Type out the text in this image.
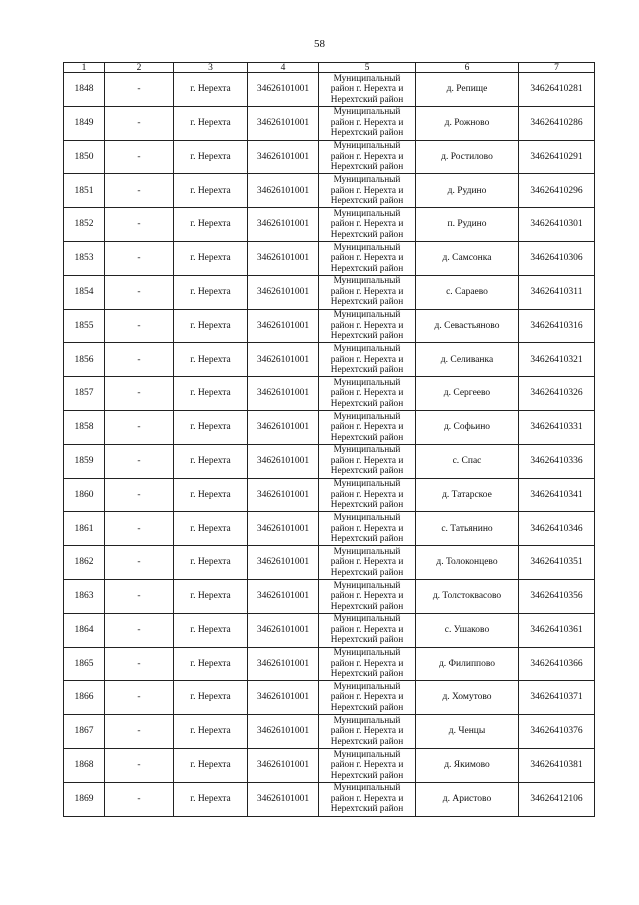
58
1	2	3	4	5	6	7
1848	-	г. Нерехта	34626101001	Муниципальный
район г. Нерехта и
Нерехтский район	д. Репище	34626410281
1849	-	г. Нерехта	34626101001	Муниципальный
район г. Нерехта и
Нерехтский район	д. Рожново	34626410286
1850	-	г. Нерехта	34626101001	Муниципальный
район г. Нерехта и
Нерехтский район	д. Ростилово	34626410291
1851	-	г. Нерехта	34626101001	Муниципальный
район г. Нерехта и
Нерехтский район	д. Рудино	34626410296
1852	-	г. Нерехта	34626101001	Муниципальный
район г. Нерехта и
Нерехтский район	п. Рудино	34626410301
1853	-	г. Нерехта	34626101001	Муниципальный
район г. Нерехта и
Нерехтский район	д. Самсонка	34626410306
1854	-	г. Нерехта	34626101001	Муниципальный
район г. Нерехта и
Нерехтский район	с. Сараево	34626410311
1855	-	г. Нерехта	34626101001	Муниципальный
район г. Нерехта и
Нерехтский район	д. Севастьяново	34626410316
1856	-	г. Нерехта	34626101001	Муниципальный
район г. Нерехта и
Нерехтский район	д. Селиванка	34626410321
1857	-	г. Нерехта	34626101001	Муниципальный
район г. Нерехта и
Нерехтский район	д. Сергеево	34626410326
1858	-	г. Нерехта	34626101001	Муниципальный
район г. Нерехта и
Нерехтский район	д. Софьино	34626410331
1859	-	г. Нерехта	34626101001	Муниципальный
район г. Нерехта и
Нерехтский район	с. Спас	34626410336
1860	-	г. Нерехта	34626101001	Муниципальный
район г. Нерехта и
Нерехтский район	д. Татарское	34626410341
1861	-	г. Нерехта	34626101001	Муниципальный
район г. Нерехта и
Нерехтский район	с. Татьянино	34626410346
1862	-	г. Нерехта	34626101001	Муниципальный
район г. Нерехта и
Нерехтский район	д. Толоконцево	34626410351
1863	-	г. Нерехта	34626101001	Муниципальный
район г. Нерехта и
Нерехтский район	д. Толстоквасово	34626410356
1864	-	г. Нерехта	34626101001	Муниципальный
район г. Нерехта и
Нерехтский район	с. Ушаково	34626410361
1865	-	г. Нерехта	34626101001	Муниципальный
район г. Нерехта и
Нерехтский район	д. Филиппово	34626410366
1866	-	г. Нерехта	34626101001	Муниципальный
район г. Нерехта и
Нерехтский район	д. Хомутово	34626410371
1867	-	г. Нерехта	34626101001	Муниципальный
район г. Нерехта и
Нерехтский район	д. Ченцы	34626410376
1868	-	г. Нерехта	34626101001	Муниципальный
район г. Нерехта и
Нерехтский район	д. Якимово	34626410381
1869	-	г. Нерехта	34626101001	Муниципальный
район г. Нерехта и
Нерехтский район	д. Аристово	34626412106
